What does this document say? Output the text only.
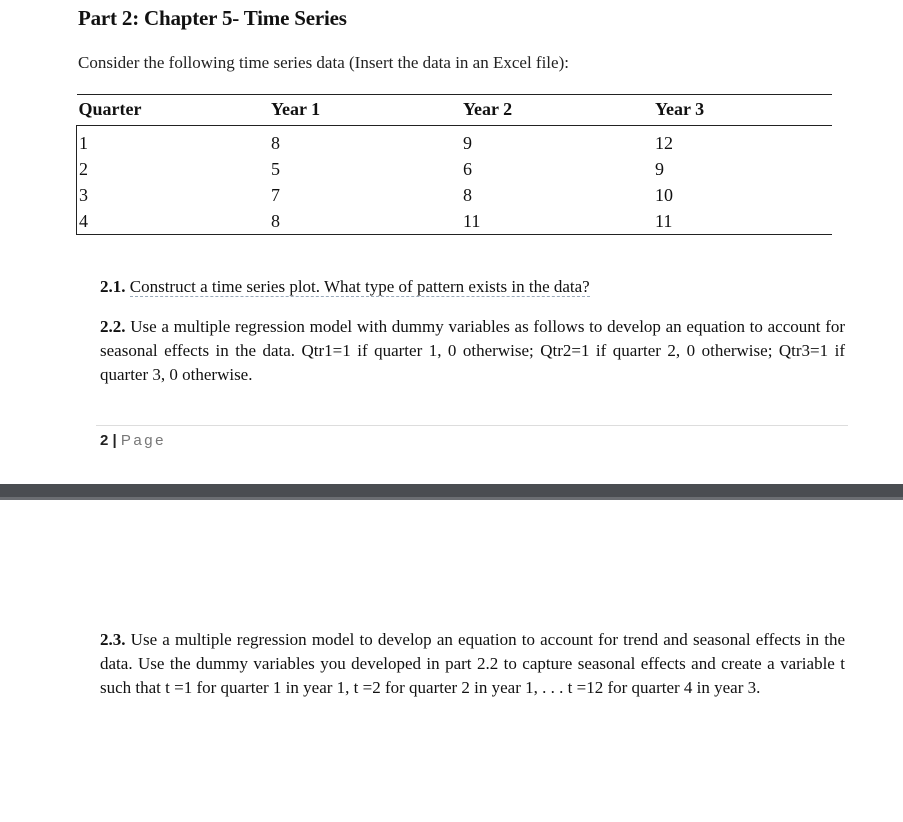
Part 2: Chapter 5- Time Series

Consider the following time series data (Insert the data in an Excel file):

Quarter	Year 1	Year 2	Year 3
1	8	9	12
2	5	6	9
3	7	8	10
4	8	11	11

2.1. Construct a time series plot. What type of pattern exists in the data?

2.2. Use a multiple regression model with dummy variables as follows to develop an equation to account for seasonal effects in the data. Qtr1=1 if quarter 1, 0 otherwise; Qtr2=1 if quarter 2, 0 otherwise; Qtr3=1 if quarter 3, 0 otherwise.

2 | Page

2.3. Use a multiple regression model to develop an equation to account for trend and seasonal effects in the data. Use the dummy variables you developed in part 2.2 to capture seasonal effects and create a variable t such that t =1 for quarter 1 in year 1, t =2 for quarter 2 in year 1, . . . t =12 for quarter 4 in year 3.
